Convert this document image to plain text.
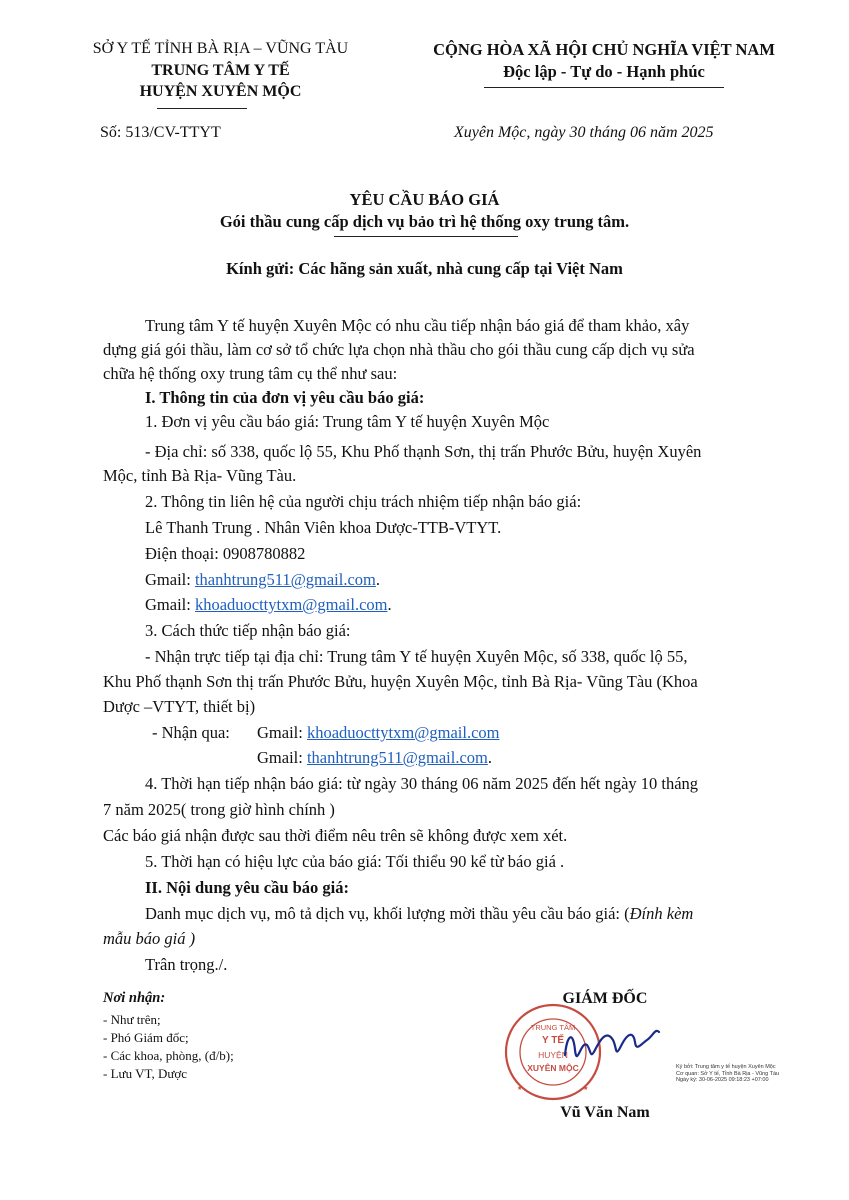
SỞ Y TẾ TỈNH BÀ RỊA – VŨNG TÀU
TRUNG TÂM Y TẾ
HUYỆN XUYÊN MỘC
CỘNG HÒA XÃ HỘI CHỦ NGHĨA VIỆT NAM
Độc lập - Tự do - Hạnh phúc
Số: 513/CV-TTYT	Xuyên Mộc, ngày 30 tháng 06 năm 2025
YÊU CẦU BÁO GIÁ
Gói thầu cung cấp dịch vụ bảo trì hệ thống oxy trung tâm.
Kính gửi: Các hãng sản xuất, nhà cung cấp tại Việt Nam
Trung tâm Y tế huyện Xuyên Mộc có nhu cầu tiếp nhận báo giá để tham khảo, xây
dựng giá gói thầu, làm cơ sở tổ chức lựa chọn nhà thầu cho gói thầu cung cấp dịch vụ sửa
chữa hệ thống oxy trung tâm cụ thể như sau:
I. Thông tin của đơn vị yêu cầu báo giá:
1. Đơn vị yêu cầu báo giá: Trung tâm Y tế huyện Xuyên Mộc
- Địa chỉ: số 338, quốc lộ 55, Khu Phố thạnh Sơn, thị trấn Phước Bửu, huyện Xuyên
Mộc, tỉnh Bà Rịa- Vũng Tàu.
2. Thông tin liên hệ của người chịu trách nhiệm tiếp nhận báo giá:
Lê Thanh Trung . Nhân Viên khoa Dược-TTB-VTYT.
Điện thoại: 0908780882
Gmail: thanhtrung511@gmail.com.
Gmail: khoaduocttytxm@gmail.com.
3. Cách thức tiếp nhận báo giá:
- Nhận trực tiếp tại địa chỉ: Trung tâm Y tế huyện Xuyên Mộc, số 338, quốc lộ 55,
Khu Phố thạnh Sơn thị trấn Phước Bửu, huyện Xuyên Mộc, tỉnh Bà Rịa- Vũng Tàu (Khoa
Dược –VTYT, thiết bị)
- Nhận qua: Gmail: khoaduocttytxm@gmail.com
Gmail: thanhtrung511@gmail.com.
4. Thời hạn tiếp nhận báo giá: từ ngày 30 tháng 06 năm 2025 đến hết ngày 10 tháng
7 năm 2025( trong giờ hình chính )
Các báo giá nhận được sau thời điểm nêu trên sẽ không được xem xét.
5. Thời hạn có hiệu lực của báo giá: Tối thiểu 90 kể từ báo giá .
II. Nội dung yêu cầu báo giá:
Danh mục dịch vụ, mô tả dịch vụ, khối lượng mời thầu yêu cầu báo giá: (Đính kèm
mẫu báo giá )
Trân trọng./.
Nơi nhận:
- Như trên;
- Phó Giám đốc;
- Các khoa, phòng, (đ/b);
- Lưu VT, Dược
GIÁM ĐỐC
TRUNG TÂM
Y TẾ
HUYỆN
XUYÊN MỘC
★	★
Ký bởi: Trung tâm y tế huyện Xuyên Mộc
Cơ quan: Sở Y tế, Tỉnh Bà Rịa - Vũng Tàu
Ngày ký: 30-06-2025 09:18:23 +07:00
Vũ Văn Nam
